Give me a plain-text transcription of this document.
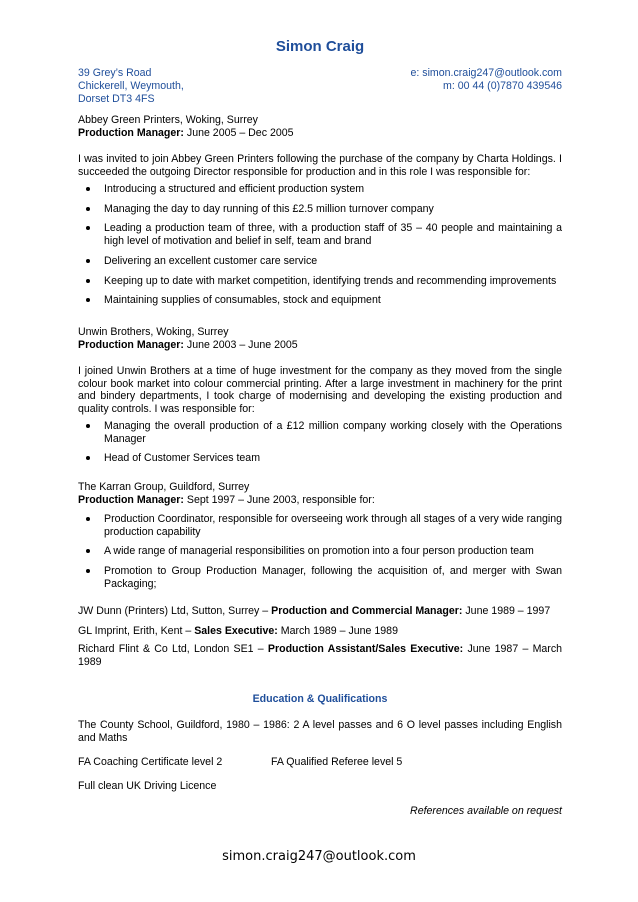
Simon Craig
39 Grey’s Road
Chickerell, Weymouth,
Dorset DT3 4FS
e: simon.craig247@outlook.com
m: 00 44 (0)7870 439546
Abbey Green Printers, Woking, Surrey
Production Manager: June 2005 – Dec 2005
I was invited to join Abbey Green Printers following the purchase of the company by Charta Holdings. I succeeded the outgoing Director responsible for production and in this role I was responsible for:
Introducing a structured and efficient production system
Managing the day to day running of this £2.5 million turnover company
Leading a production team of three, with a production staff of 35 – 40 people and maintaining a high level of motivation and belief in self, team and brand
Delivering an excellent customer care service
Keeping up to date with market competition, identifying trends and recommending improvements
Maintaining supplies of consumables, stock and equipment
Unwin Brothers, Woking, Surrey
Production Manager: June 2003 – June 2005
I joined Unwin Brothers at a time of huge investment for the company as they moved from the single colour book market into colour commercial printing. After a large investment in machinery for the print and bindery departments, I took charge of modernising and developing the existing production and quality controls. I was responsible for:
Managing the overall production of a £12 million company working closely with the Operations Manager
Head of Customer Services team
The Karran Group, Guildford, Surrey
Production Manager: Sept 1997 – June 2003, responsible for:
Production Coordinator, responsible for overseeing work through all stages of a very wide ranging production capability
A wide range of managerial responsibilities on promotion into a four person production team
Promotion to Group Production Manager, following the acquisition of, and merger with Swan Packaging;
JW Dunn (Printers) Ltd, Sutton, Surrey – Production and Commercial Manager: June 1989 – 1997
GL Imprint, Erith, Kent – Sales Executive: March 1989 – June 1989
Richard Flint & Co Ltd, London SE1 – Production Assistant/Sales Executive: June 1987 – March 1989
Education & Qualifications
The County School, Guildford, 1980 – 1986: 2 A level passes and 6 O level passes including English and Maths
FA Coaching Certificate level 2	FA Qualified Referee level 5
Full clean UK Driving Licence
References available on request
simon.craig247@outlook.com
